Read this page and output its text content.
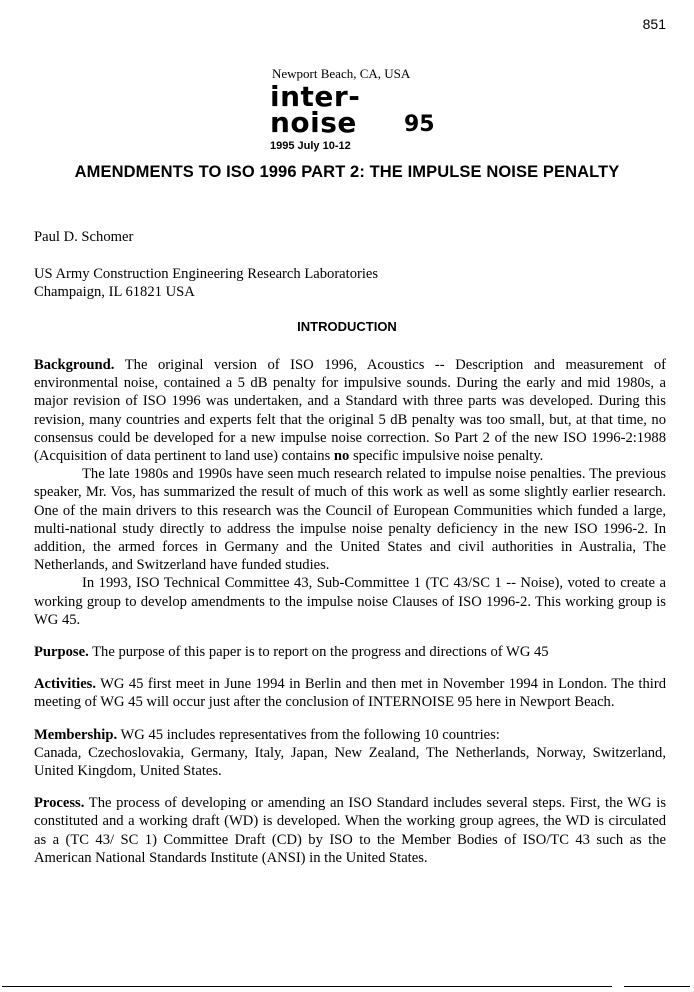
851
Newport Beach, CA, USA
inter-noise
1995 July 10-12
95
AMENDMENTS TO ISO 1996 PART 2: THE IMPULSE NOISE PENALTY
Paul D. Schomer

US Army Construction Engineering Research Laboratories

Champaign, IL 61821 USA

INTRODUCTION

Background. The original version of ISO 1996, Acoustics -- Description and measurement of environmental noise, contained a 5 dB penalty for impulsive sounds. During the early and mid 1980s, a major revision of ISO 1996 was undertaken, and a Standard with three parts was developed. During this revision, many countries and experts felt that the original 5 dB penalty was too small, but, at that time, no consensus could be developed for a new impulse noise correction. So Part 2 of the new ISO 1996-2:1988 (Acquisition of data pertinent to land use) contains no specific impulsive noise penalty.

The late 1980s and 1990s have seen much research related to impulse noise penalties. The previous speaker, Mr. Vos, has summarized the result of much of this work as well as some slightly earlier research. One of the main drivers to this research was the Council of European Communities which funded a large, multi-national study directly to address the impulse noise penalty deficiency in the new ISO 1996-2. In addition, the armed forces in Germany and the United States and civil authorities in Australia, The Netherlands, and Switzerland have funded studies.

In 1993, ISO Technical Committee 43, Sub-Committee 1 (TC 43/SC 1 -- Noise), voted to create a working group to develop amendments to the impulse noise Clauses of ISO 1996-2. This working group is WG 45.

Purpose. The purpose of this paper is to report on the progress and directions of WG 45

Activities. WG 45 first meet in June 1994 in Berlin and then met in November 1994 in London. The third meeting of WG 45 will occur just after the conclusion of INTERNOISE 95 here in Newport Beach.

Membership. WG 45 includes representatives from the following 10 countries:

Canada, Czechoslovakia, Germany, Italy, Japan, New Zealand, The Netherlands, Norway, Switzerland, United Kingdom, United States.

Process. The process of developing or amending an ISO Standard includes several steps. First, the WG is constituted and a working draft (WD) is developed. When the working group agrees, the WD is circulated as a (TC 43/ SC 1) Committee Draft (CD) by ISO to the Member Bodies of ISO/TC 43 such as the American National Standards Institute (ANSI) in the United States.
